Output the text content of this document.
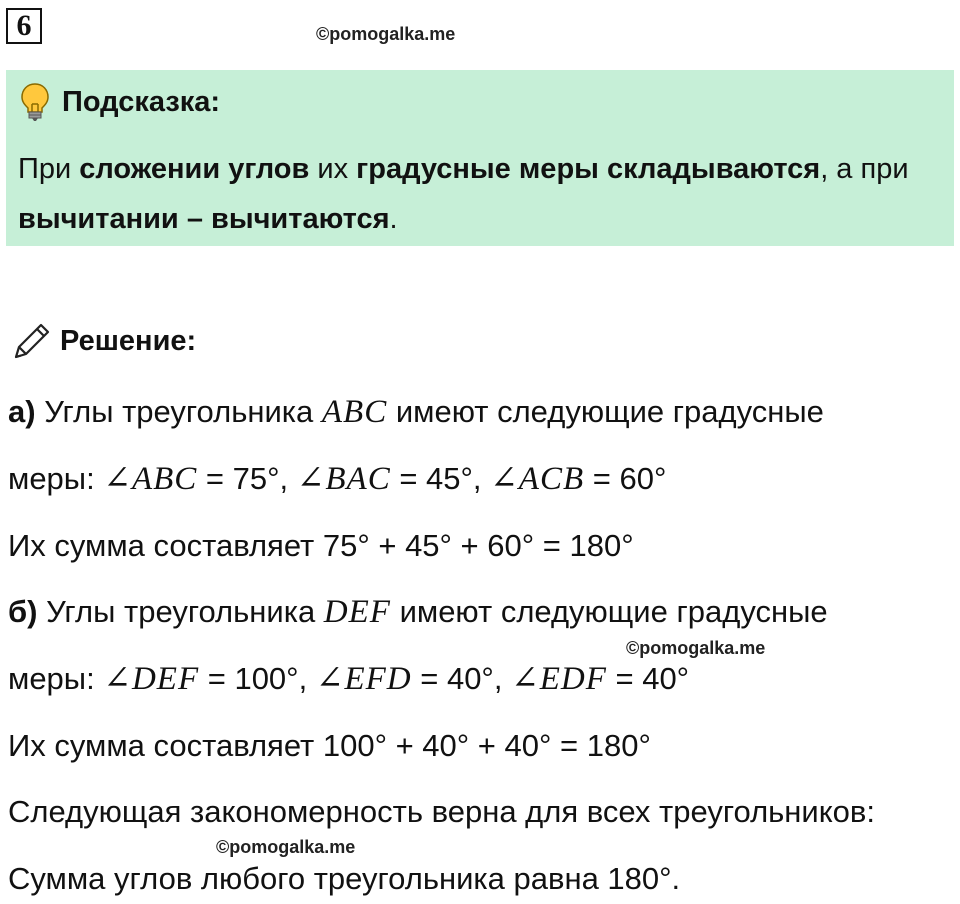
6	©pomogalka.me
Подсказка:
При сложении углов их градусные меры складываются, а при вычитании – вычитаются.
Решение:
а) Углы треугольника ABC имеют следующие градусные
меры: ∠ABC = 75°, ∠BAC = 45°, ∠ACB = 60°
Их сумма составляет 75° + 45° + 60° = 180°
б) Углы треугольника DEF имеют следующие градусные
©pomogalka.me
меры: ∠DEF = 100°, ∠EFD = 40°, ∠EDF = 40°
Их сумма составляет 100° + 40° + 40° = 180°
Следующая закономерность верна для всех треугольников:
©pomogalka.me
Сумма углов любого треугольника равна 180°.
